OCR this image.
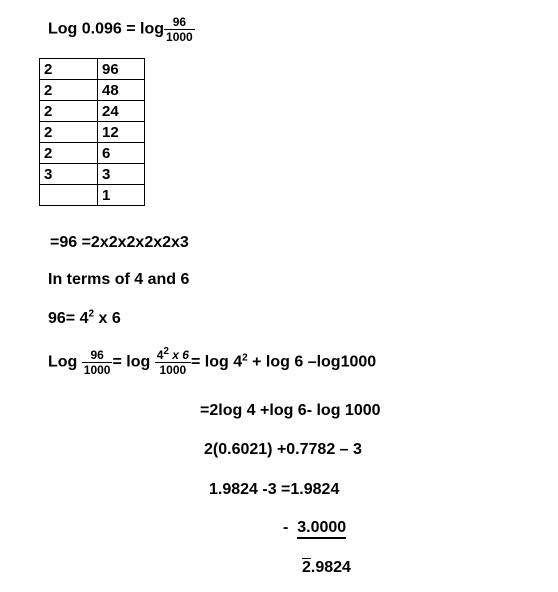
Log $0.096 = \log \frac{96}{1000}$
2	96
2	48
2	24
2	12
2	6
3	3
	1
=96 =2x2x2x2x2x3
In terms of 4 and 6
$96= 4^2$ x 6
Log $\frac{96}{1000} = \log \frac{4^2 x 6}{1000} = \log 4^2 + \log 6$ –log1000
=2log 4 +log 6- log 1000
2(0.6021) +0.7782 – 3
1.9824 -3 =1.9824
- 3.0000
2.9824
